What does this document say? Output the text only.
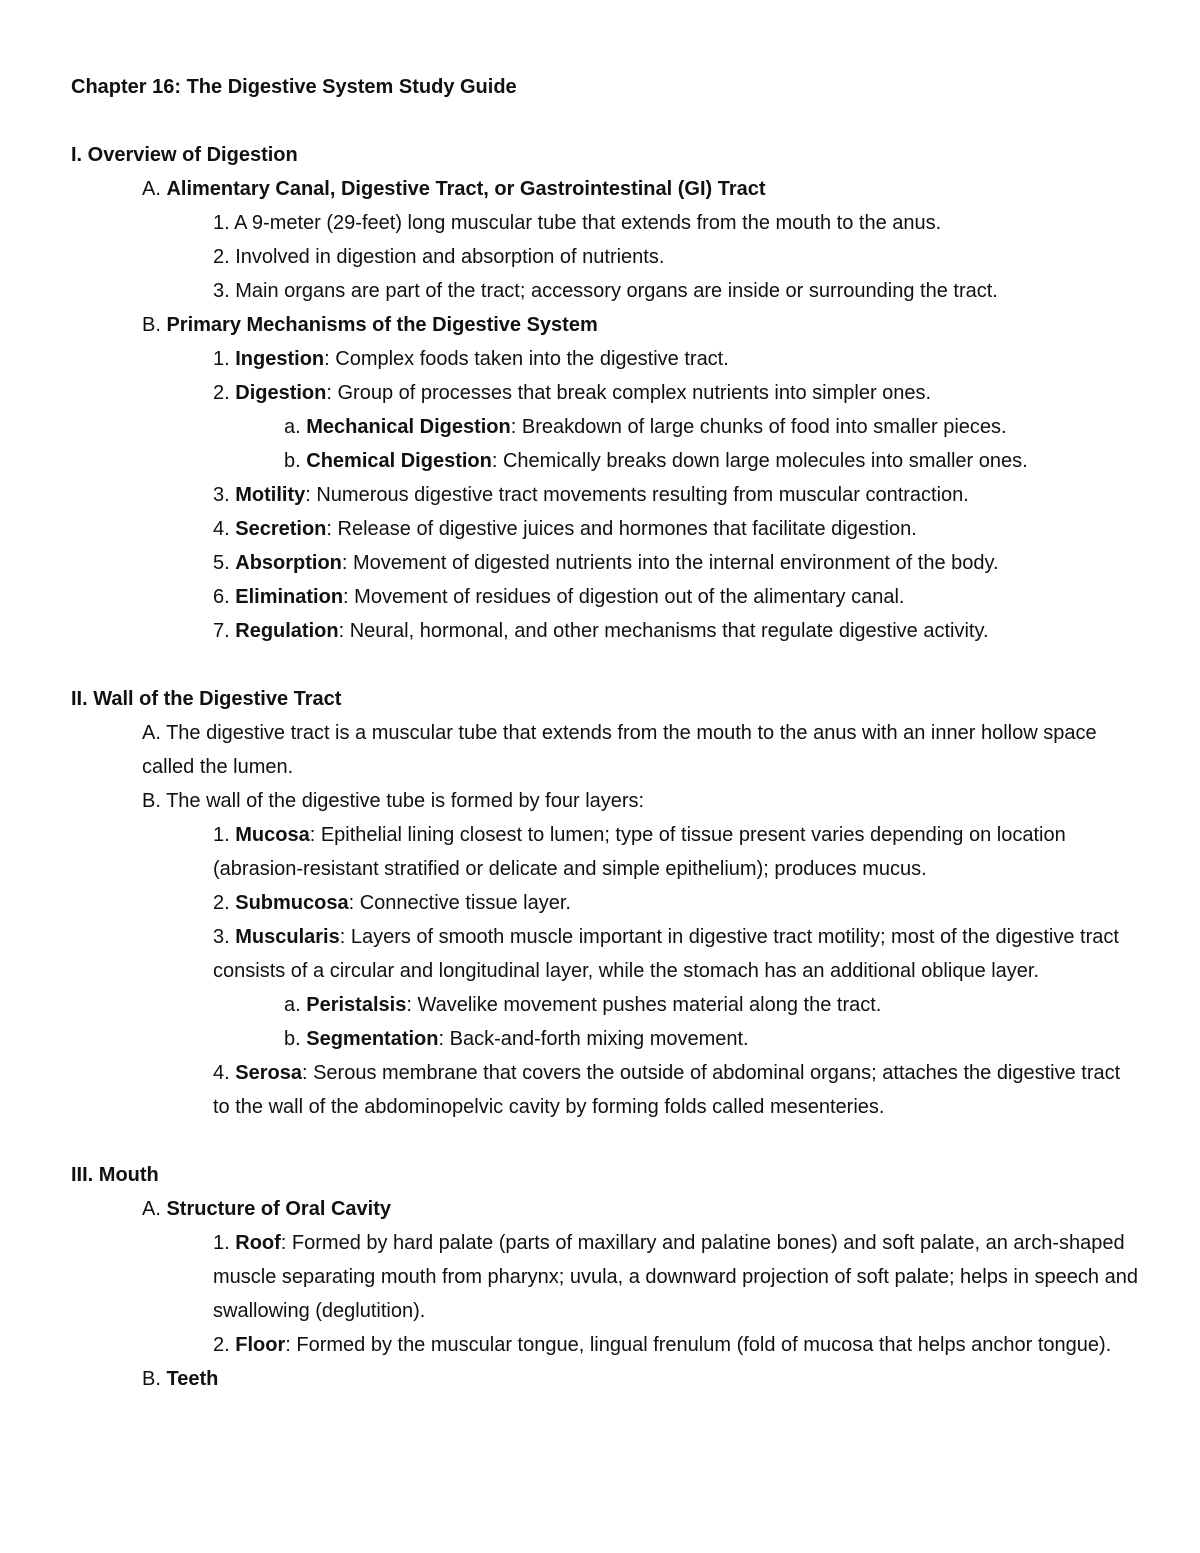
Chapter 16: The Digestive System Study Guide

I. Overview of Digestion

A. Alimentary Canal, Digestive Tract, or Gastrointestinal (GI) Tract

1. A 9-meter (29-feet) long muscular tube that extends from the mouth to the anus.

2. Involved in digestion and absorption of nutrients.

3. Main organs are part of the tract; accessory organs are inside or surrounding the tract.

B. Primary Mechanisms of the Digestive System

1. Ingestion: Complex foods taken into the digestive tract.

2. Digestion: Group of processes that break complex nutrients into simpler ones.

a. Mechanical Digestion: Breakdown of large chunks of food into smaller pieces.

b. Chemical Digestion: Chemically breaks down large molecules into smaller ones.

3. Motility: Numerous digestive tract movements resulting from muscular contraction.

4. Secretion: Release of digestive juices and hormones that facilitate digestion.

5. Absorption: Movement of digested nutrients into the internal environment of the body.

6. Elimination: Movement of residues of digestion out of the alimentary canal.

7. Regulation: Neural, hormonal, and other mechanisms that regulate digestive activity.

II. Wall of the Digestive Tract

A. The digestive tract is a muscular tube that extends from the mouth to the anus with an inner hollow space called the lumen.

B. The wall of the digestive tube is formed by four layers:

1. Mucosa: Epithelial lining closest to lumen; type of tissue present varies depending on location (abrasion-resistant stratified or delicate and simple epithelium); produces mucus.

2. Submucosa: Connective tissue layer.

3. Muscularis: Layers of smooth muscle important in digestive tract motility; most of the digestive tract consists of a circular and longitudinal layer, while the stomach has an additional oblique layer.

a. Peristalsis: Wavelike movement pushes material along the tract.

b. Segmentation: Back-and-forth mixing movement.

4. Serosa: Serous membrane that covers the outside of abdominal organs; attaches the digestive tract to the wall of the abdominopelvic cavity by forming folds called mesenteries.

III. Mouth

A. Structure of Oral Cavity

1. Roof: Formed by hard palate (parts of maxillary and palatine bones) and soft palate, an arch-shaped muscle separating mouth from pharynx; uvula, a downward projection of soft palate; helps in speech and swallowing (deglutition).

2. Floor: Formed by the muscular tongue, lingual frenulum (fold of mucosa that helps anchor tongue).

B. Teeth
